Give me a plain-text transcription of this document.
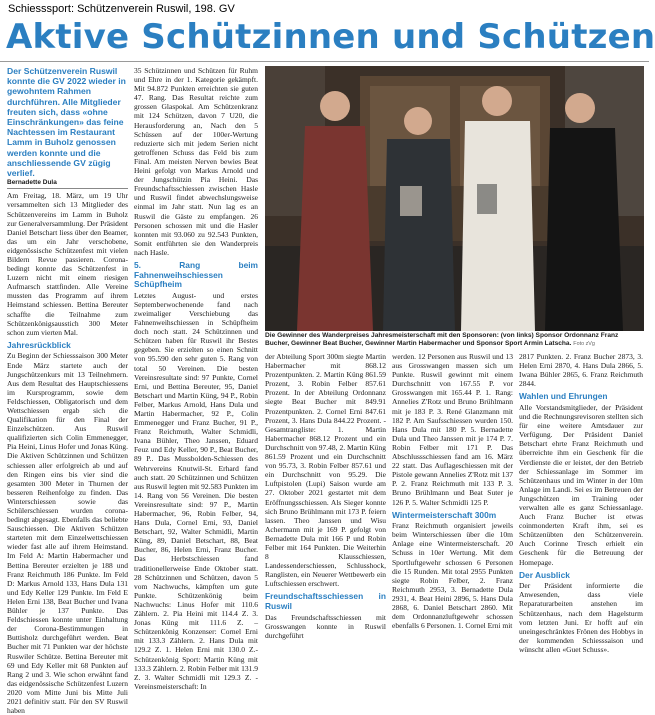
Schiesssport: Schützenverein Ruswil, 198. GV
Aktive Schützinnen und Schützen

Der Schützenverein Ruswil konnte die GV 2022 wieder in gewohntem Rahmen durchführen. Alle Mitglieder freuten sich, dass «ohne Einschränkungen» das feine Nachtessen im Restaurant Lamm in Buholz genossen werden konnte und die anschliessende GV zügig verlief.

Bernadette Dula

Am Freitag, 18. März, um 19 Uhr versammelten sich 13 Mitglieder des Schützenvereins im Lamm in Buholz zur Generalversammlung. Der Präsident Daniel Betschart liess über den Beamer, das um ein Jahr verschobene, eidgenössische Schützenfest mit vielen Bildern Revue passieren. Corona-bedingt konnte das Schützenfest in Luzern nicht mit einem riesigen Aufmarsch stattfinden. Alle Vereine mussten das Programm auf ihrem Heimstand schiessen. Bettina Bereuter schaffte die Teilnahme zum Schützenkönigsausstich 300 Meter schon zum vierten Mal.

Jahresrückblick

Zu Beginn der Schiesssaison 300 Meter Ende März startete auch der Jungschützenkurs mit 13 Teilnehmern. Aus dem Resultat des Hauptschiessens im Kursprogramm, sowie dem Feldschiessen, Obligatorisch und dem Wettschiessen ergab sich die Qualifikation für den Final der Einzelschützen. Aus Ruswil qualifizierten sich Colin Emmenegger, Pia Heini, Linus Hofer und Jonas Küng. Die Aktiven Schützinnen und Schützen schiessen aller erfolgreich ab und auf den Ringen eins bis vier sind die gesamten 300 Meter in Thurnen der besseren Reihenfolge zu finden. Das Winterschiessen sowie das Schülerschiessen wurden corona-bedingt abgesagt. Ebenfalls das beliebte Sauschiessen. Die Aktiven Schützen starteten mit dem Einzelwettschiessen wieder fast alle auf ihrem Heimstand. Im Feld A: Martin Habermacher und Bettina Bereuter erzielten je 188 und Franz Reichmuth 186 Punkte. Im Feld D: Markus Arnold 133, Hans Dula 131 und Edy Keller 129 Punkte. Im Feld E Helen Erni 138, Beat Bucher und Ivana Bühler je 137 Punkte. Das Feldschiessen konnte unter Einhaltung der Corona-Bestimmungen in Buttisholz durchgeführt werden. Beat Bucher mit 71 Punkten war der höchste Ruswiler Schütze. Bettina Bereuter mit 69 und Edy Keller mit 68 Punkten auf Rang 2 und 3. Wie schon erwähnt fand das eidgenössische Schützenfest Luzern 2020 vom Mitte Juni bis Mitte Juli 2021 definitiv statt. Für den SV Ruswil haben

35 Schützinnen und Schützen für Ruhm und Ehre in der 1. Kategorie gekämpft. Mit 94.872 Punkten erreichten sie guten 47. Rang. Das Resultat reichte zum grossen Glaspokal. Am Schützenkranz mit 124 Schützen, davon 7 U20, die Herausforderung an, Nach den 5 Schüssen auf der 100er-Wertung reduzierte sich mit jedem Serien nicht getroffenen Schuss das Feld bis zum Final. Am meisten Nerven bewies Beat Heini gefolgt von Markus Arnold und der Jungschützin Pia Heini. Das Freundschaftsschiessen zwischen Hasle und Ruswil findet abwechslungsweise einmal im Jahr statt. Nun lag es an Ruswil die Gäste zu empfangen. 26 Personen schossen mit und die Hasler konnten mit 93.060 zu 92.543 Punkten, Somit entführten sie den Wanderpreis nach Hasle.

5. Rang beim Fahnenweihschiessen Schüpfheim

Letztes August- und erstes Septemberwochenende fand nach zweimaliger Verschiebung das Fahnenweihschiessen in Schüpfheim doch noch statt. 24 Schützinnen und Schützen haben für Ruswil ihr Bestes gegeben. Sie erzielten so einen Schnitt von 95.590 den sehr guten 5. Rang von total 50 Vereinen. Die besten Vereinsresultate sind: 97 Punkte, Cornel Erni, und Bettina Bereuter, 95, Daniel Betschart und Martin Küng, 94 P., Robin Felber, Markus Arnold, Hans Dula und Martin Habermacher, 92 P., Colin Emmenegger und Franz Bucher, 91 P., Franz Reichmuth, Walter Schmidli, Ivana Bühler, Theo Janssen, Eduard Feuz und Edy Keller, 90 P., Beat Bucher, 89 P.. Das Mussbolden-Schiessen des Wehrvereins Knutwil-St. Erhard fand auch statt. 20 Schützinnen und Schützen aus Ruswil legten mit 92.583 Punkten im 14. Rang von 56 Vereinen. Die besten Vereinsresultate sind: 97 P., Martin Habermacher, 96, Robin Felber, 94, Hans Dula, Cornel Erni, 93, Daniel Betschart, 92, Walter Schmidli, Martin Küng, 89, Daniel Betschart, 88, Beat Bucher, 86, Helen Erni, Franz Bucher. Das Herbstschiessen fand traditionellerweise Ende Oktober statt. 28 Schützinnen und Schützen, davon 5 vom Nachwuchs, kämpften um gute Punkte. Schützenkönig beim Nachwuchs: Linus Hofer mit 110.6 Zählern. 2. Pia Heini mit 114.4 Z. 3. Jonas Küng mit 111.6 Z. – Schützenkönig Konzenser: Cornel Erni mit 133.3 Zählern. 2. Hans Dula mit 129.2 Z. 1. Helen Erni mit 130.0 Z.- Schützenkönig Sport: Martin Küng mit 133.3 Zählern. 2. Robin Felber mit 131.9 Z. 3. Walter Schmidli mit 129.3 Z. - Vereinsmeisterschaft: In

Die Gewinner des Wanderpreises Jahresmeisterschaft mit den Sponsoren: (von links) Sponsor Ordonnanz Franz Bucher, Gewinner Beat Bucher, Gewinner Martin Habermacher und Sponsor Sport Armin Latscha. Foto zVg

der Abteilung Sport 300m siegte Martin Habermacher mit 868.12 Prozentpunkten. 2. Martin Küng 861.59 Prozent, 3. Robin Felber 857.61 Prozent. In der Abteilung Ordonnanz siegte Beat Bucher mit 849.91 Prozentpunkten. 2. Cornel Erni 847.61 Prozent, 3. Hans Dula 844.22 Prozent. - Gesamtrangliste: 1. Martin Habermacher 868.12 Prozent und ein Durchschnitt von 97.48, 2. Martin Küng 861.59 Prozent und ein Durchschnitt von 95.73, 3. Robin Felber 857.61 und ein Durchschnitt von 95.29. Die Luftpistolen (Lupi) Saison wurde am 27. Oktober 2021 gestartet mit dem Eröffnungsschiessen. Als Sieger konnte sich Bruno Brühlmann mit 173 P. feiern lassen. Theo Janssen und Wisu Achermann mit je 169 P. gefolgt von Bernadette Dula mit 166 P und Robin Felber mit 164 Punkten. Die Weiterhin 8 Klausschiessen, Landessenderschiessen, Schlusshock, Ranglisten, ein Neuerer Wettbewerb ein Luftschiessen erschwert.

Freundschaftsschiessen in Ruswil

Das Freundschaftsschiessen mit Grosswangen konnte in Ruswil durchgeführt

werden. 12 Personen aus Ruswil und 13 aus Grosswangen massen sich um Punkte. Ruswil gewinnt mit einem Durchschnitt von 167.55 P. vor Grosswangen mit 165.44 P. 1. Rang: Annelies Z'Rotz und Bruno Brühlmann mit je 183 P. 3. René Glanzmann mit 182 P. Am Saufsschiessen wurden 150. Hans Dula mit 180 P. 5. Bernadette Dula und Theo Janssen mit je 174 P. 7. Robin Felber mit 171 P. Das Abschlussschiessen fand am 16. März 22 statt. Das Auflageschiessen mit der Pistole gewann Annelies Z'Rotz mit 137 P. 2. Franz Reichmuth mit 133 P. 3. Bruno Brühlmann und Beat Suter je 126 P. 5. Walter Schmidli 125 P.

Wintermeisterschaft 300m

Franz Reichmuth organisiert jeweils beim Winterschiessen über die 10m Anlage eine Wintermeisterschaft. 20 Schuss in 10er Wertung. Mit dem Sportluftgewehr schossen 6 Personen die 15 Runden. Mit total 2955 Punkten siegte Robin Felber, 2. Franz Reichmuth 2953, 3. Bernadette Dula 2931, 4. Beat Heini 2896, 5. Hans Dula 2868, 6. Daniel Betschart 2860. Mit dem Ordonnanzluftgewehr schossen ebenfalls 6 Personen. 1. Cornel Erni mit

2817 Punkten. 2. Franz Bucher 2873, 3. Helen Erni 2870, 4. Hans Dula 2866, 5. Iwana Bühler 2865, 6. Franz Reichmuth 2844.

Wahlen und Ehrungen

Alle Vorstandsmitglieder, der Präsident und die Rechnungsrevisoren stellten sich für eine weitere Amtsdauer zur Verfügung. Der Präsident Daniel Betschart ehrte Franz Reichmuth und überreichte ihm ein Geschenk für die Verdienste die er leistet, der den Betrieb der Schiessanlage im Sommer im Schützenhaus und im Winter in der 10m Anlage im Landi. Sei es im Betreuen der Jungschützen im Training oder verwalten alle es ganz Schiessanlage. Auch Franz Bucher ist etwas coinmonderten Kraft ihm, sei es Schützenübten den Schützenverein. Auch Corinne Tresch erhielt ein Geschenk für die Betreuung der Homepage.

Der Ausblick

Der Präsident informierte die Anwesenden, dass viele Reparaturarbeiten anstehen im Schützenhaus, nach dem Hagelsturm vom letzten Juni. Er hofft auf ein uneingeschränktes Frönen des Hobbys in der kommenden Schiesssaison und wünscht allen «Guet Schuss».
